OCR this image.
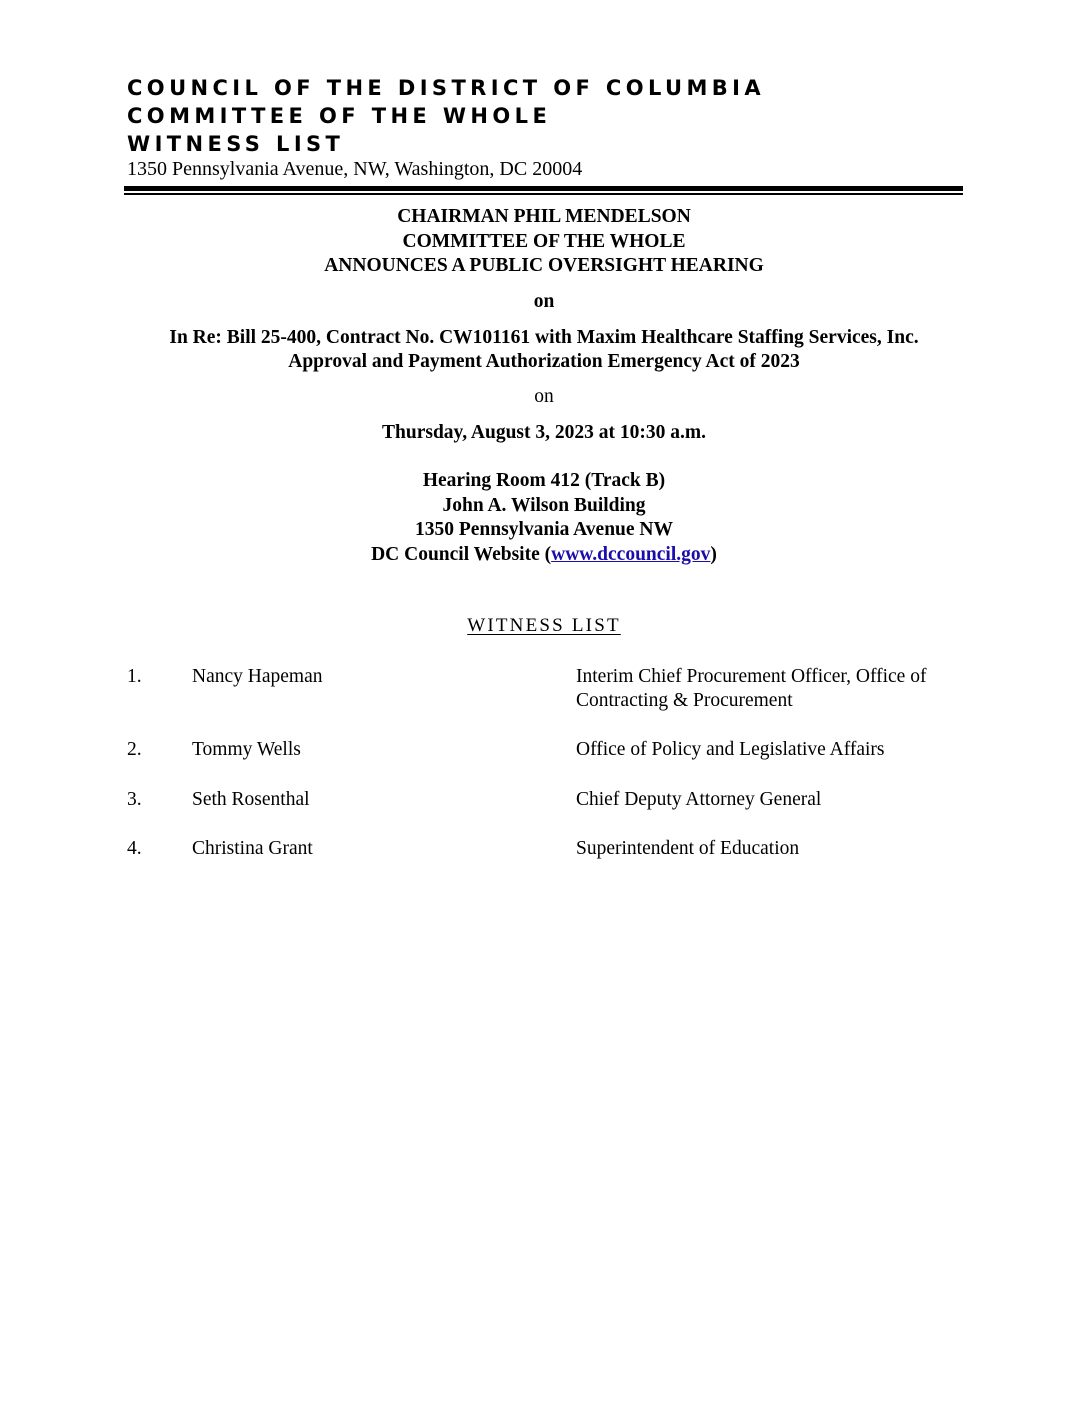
COUNCIL OF THE DISTRICT OF COLUMBIA
COMMITTEE OF THE WHOLE
WITNESS LIST
1350 Pennsylvania Avenue, NW, Washington, DC 20004
CHAIRMAN PHIL MENDELSON
COMMITTEE OF THE WHOLE
ANNOUNCES A PUBLIC OVERSIGHT HEARING
on
In Re: Bill 25-400, Contract No. CW101161 with Maxim Healthcare Staffing Services, Inc.
Approval and Payment Authorization Emergency Act of 2023
on
Thursday, August 3, 2023 at 10:30 a.m.
Hearing Room 412 (Track B)
John A. Wilson Building
1350 Pennsylvania Avenue NW
DC Council Website (www.dccouncil.gov)
WITNESS LIST
1.	Nancy Hapeman	Interim Chief Procurement Officer, Office of Contracting & Procurement
2.	Tommy Wells	Office of Policy and Legislative Affairs
3.	Seth Rosenthal	Chief Deputy Attorney General
4.	Christina Grant	Superintendent of Education
